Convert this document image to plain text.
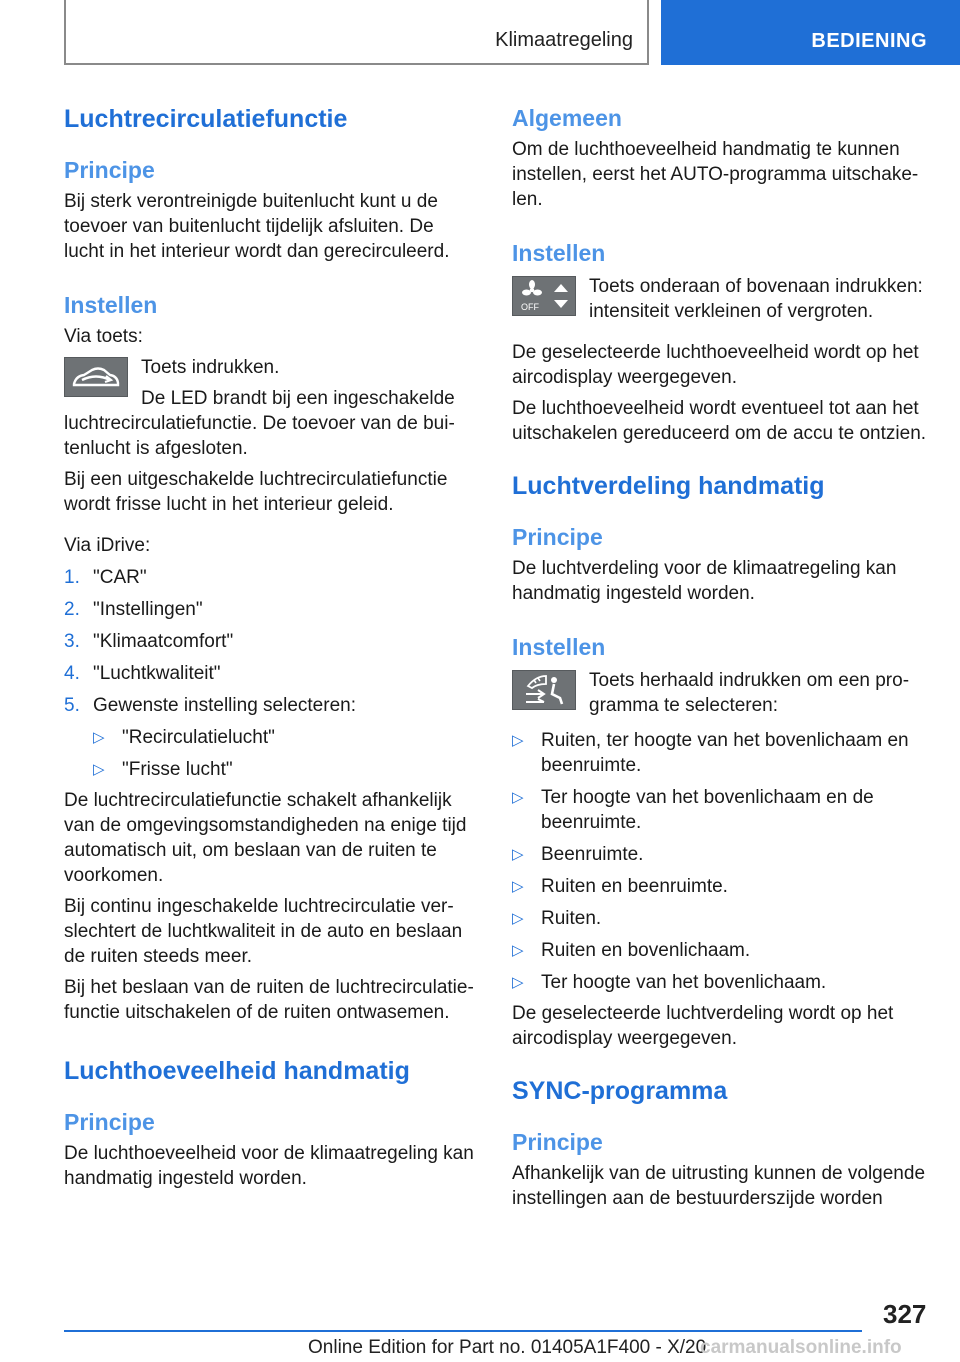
Klimaatregeling	BEDIENING
Luchtrecirculatiefunctie
Principe
Bij sterk verontreinigde buitenlucht kunt u de toevoer van buitenlucht tijdelijk afsluiten. De lucht in het interieur wordt dan gerecirculeerd.
Instellen
Via toets:
Toets indrukken.
De LED brandt bij een ingeschakelde
luchtrecirculatiefunctie. De toevoer van de buitenlucht is afgesloten.
Bij een uitgeschakelde luchtrecirculatiefunctie wordt frisse lucht in het interieur geleid.
Via iDrive:
1. "CAR"
2. "Instellingen"
3. "Klimaatcomfort"
4. "Luchtkwaliteit"
5. Gewenste instelling selecteren:
▷ "Recirculatielucht"
▷ "Frisse lucht"
De luchtrecirculatiefunctie schakelt afhankelijk van de omgevingsomstandigheden na enige tijd automatisch uit, om beslaan van de ruiten te voorkomen.
Bij continu ingeschakelde luchtrecirculatie verslechtert de luchtkwaliteit in de auto en beslaan de ruiten steeds meer.
Bij het beslaan van de ruiten de luchtrecirculatiefunctie uitschakelen of de ruiten ontwasemen.
Luchthoeveelheid handmatig
Principe
De luchthoeveelheid voor de klimaatregeling kan handmatig ingesteld worden.
Algemeen
Om de luchthoeveelheid handmatig te kunnen instellen, eerst het AUTO-programma uitschakelen.
Instellen
OFF
Toets onderaan of bovenaan indrukken: intensiteit verkleinen of vergroten.
De geselecteerde luchthoeveelheid wordt op het aircodisplay weergegeven.
De luchthoeveelheid wordt eventueel tot aan het uitschakelen gereduceerd om de accu te ontzien.
Luchtverdeling handmatig
Principe
De luchtverdeling voor de klimaatregeling kan handmatig ingesteld worden.
Instellen
Toets herhaald indrukken om een programma te selecteren:
▷ Ruiten, ter hoogte van het bovenlichaam en beenruimte.
▷ Ter hoogte van het bovenlichaam en de beenruimte.
▷ Beenruimte.
▷ Ruiten en beenruimte.
▷ Ruiten.
▷ Ruiten en bovenlichaam.
▷ Ter hoogte van het bovenlichaam.
De geselecteerde luchtverdeling wordt op het aircodisplay weergegeven.
SYNC-programma
Principe
Afhankelijk van de uitrusting kunnen de volgende instellingen aan de bestuurderszijde worden
327
Online Edition for Part no. 01405A1F400 - X/20
carmanualsonline.info
